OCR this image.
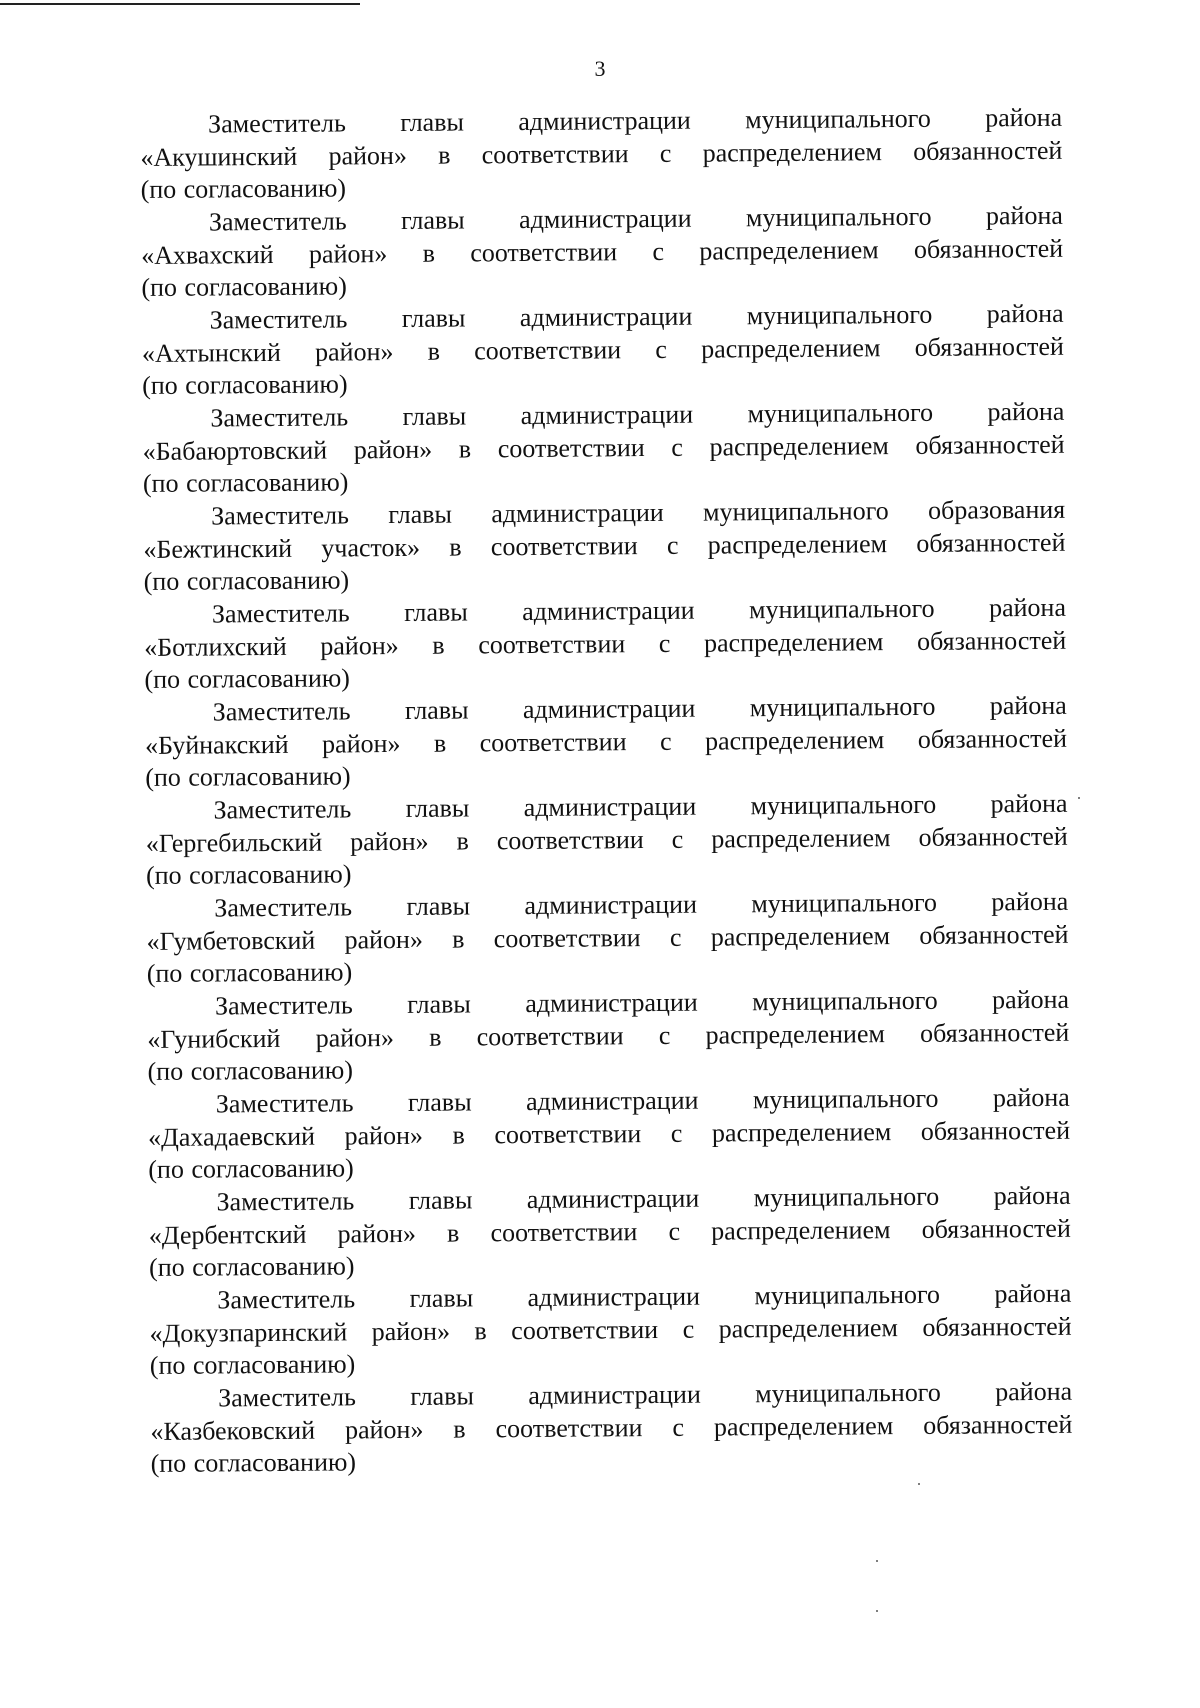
3
Заместитель главы администрации муниципального района
«Акушинский район» в соответствии с распределением обязанностей
(по согласованию)
Заместитель главы администрации муниципального района
«Ахвахский район» в соответствии с распределением обязанностей
(по согласованию)
Заместитель главы администрации муниципального района
«Ахтынский район» в соответствии с распределением обязанностей
(по согласованию)
Заместитель главы администрации муниципального района
«Бабаюртовский район» в соответствии с распределением обязанностей
(по согласованию)
Заместитель главы администрации муниципального образования
«Бежтинский участок» в соответствии с распределением обязанностей
(по согласованию)
Заместитель главы администрации муниципального района
«Ботлихский район» в соответствии с распределением обязанностей
(по согласованию)
Заместитель главы администрации муниципального района
«Буйнакский район» в соответствии с распределением обязанностей
(по согласованию)
Заместитель главы администрации муниципального района
«Гергебильский район» в соответствии с распределением обязанностей
(по согласованию)
Заместитель главы администрации муниципального района
«Гумбетовский район» в соответствии с распределением обязанностей
(по согласованию)
Заместитель главы администрации муниципального района
«Гунибский район» в соответствии с распределением обязанностей
(по согласованию)
Заместитель главы администрации муниципального района
«Дахадаевский район» в соответствии с распределением обязанностей
(по согласованию)
Заместитель главы администрации муниципального района
«Дербентский район» в соответствии с распределением обязанностей
(по согласованию)
Заместитель главы администрации муниципального района
«Докузпаринский район» в соответствии с распределением обязанностей
(по согласованию)
Заместитель главы администрации муниципального района
«Казбековский район» в соответствии с распределением обязанностей
(по согласованию)
